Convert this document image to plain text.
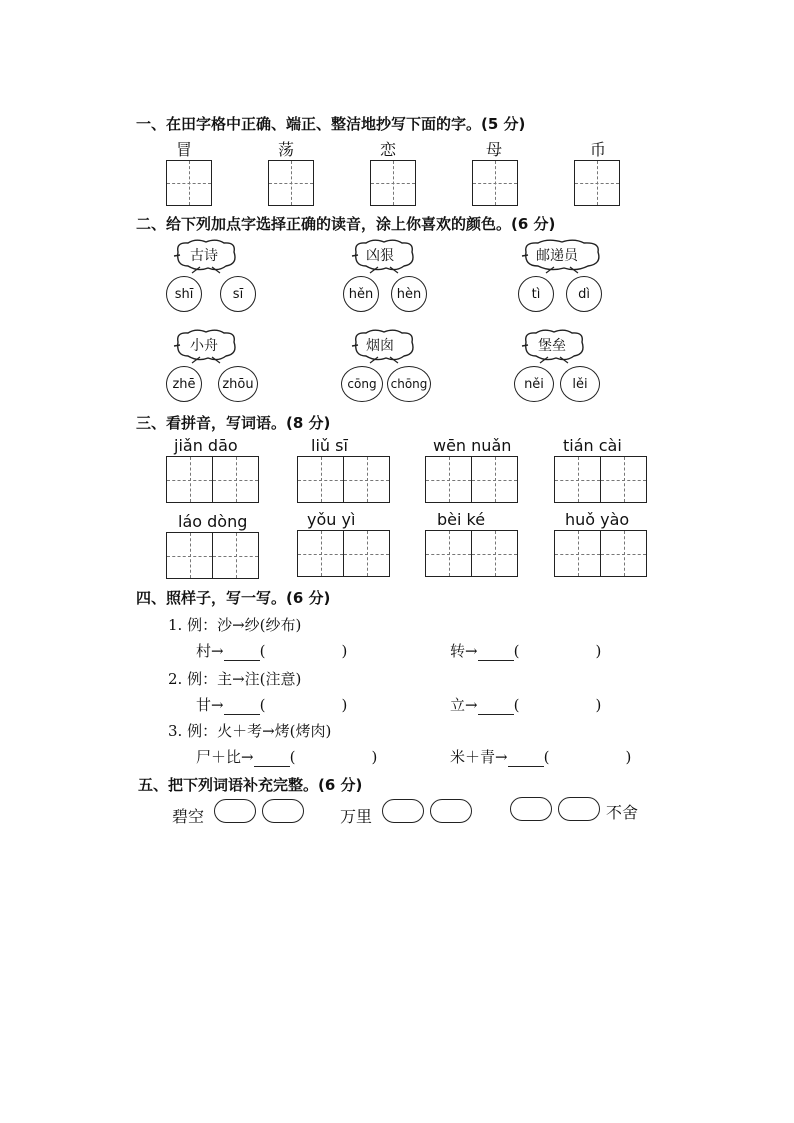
一、在田字格中正确、端正、整洁地抄写下面的字。(5 分)
冒	荡	恋	母	币
二、给下列加点字选择正确的读音，涂上你喜欢的颜色。(6 分)
古诗
shī	sī
凶狠
hěn	hèn
邮递员
tì	dì
小舟
zhē	zhōu
烟囱
cōng	chōng
堡垒
něi	lěi
三、看拼音，写词语。(8 分)
jiǎn dāo	liǔ sī	wēn nuǎn	tián cài
láo dòng	yǒu yì	bèi ké	huǒ yào
四、照样子，写一写。(6 分)
1. 例：沙→纱(纱布)
村→ (	)	转→ (	)
2. 例：主→注(注意)
甘→ (	)	立→ (	)
3. 例：火＋考→烤(烤肉)
尸＋比→ (	)	米＋青→ (	)
五、把下列词语补充完整。(6 分)
碧空	万里	不舍
